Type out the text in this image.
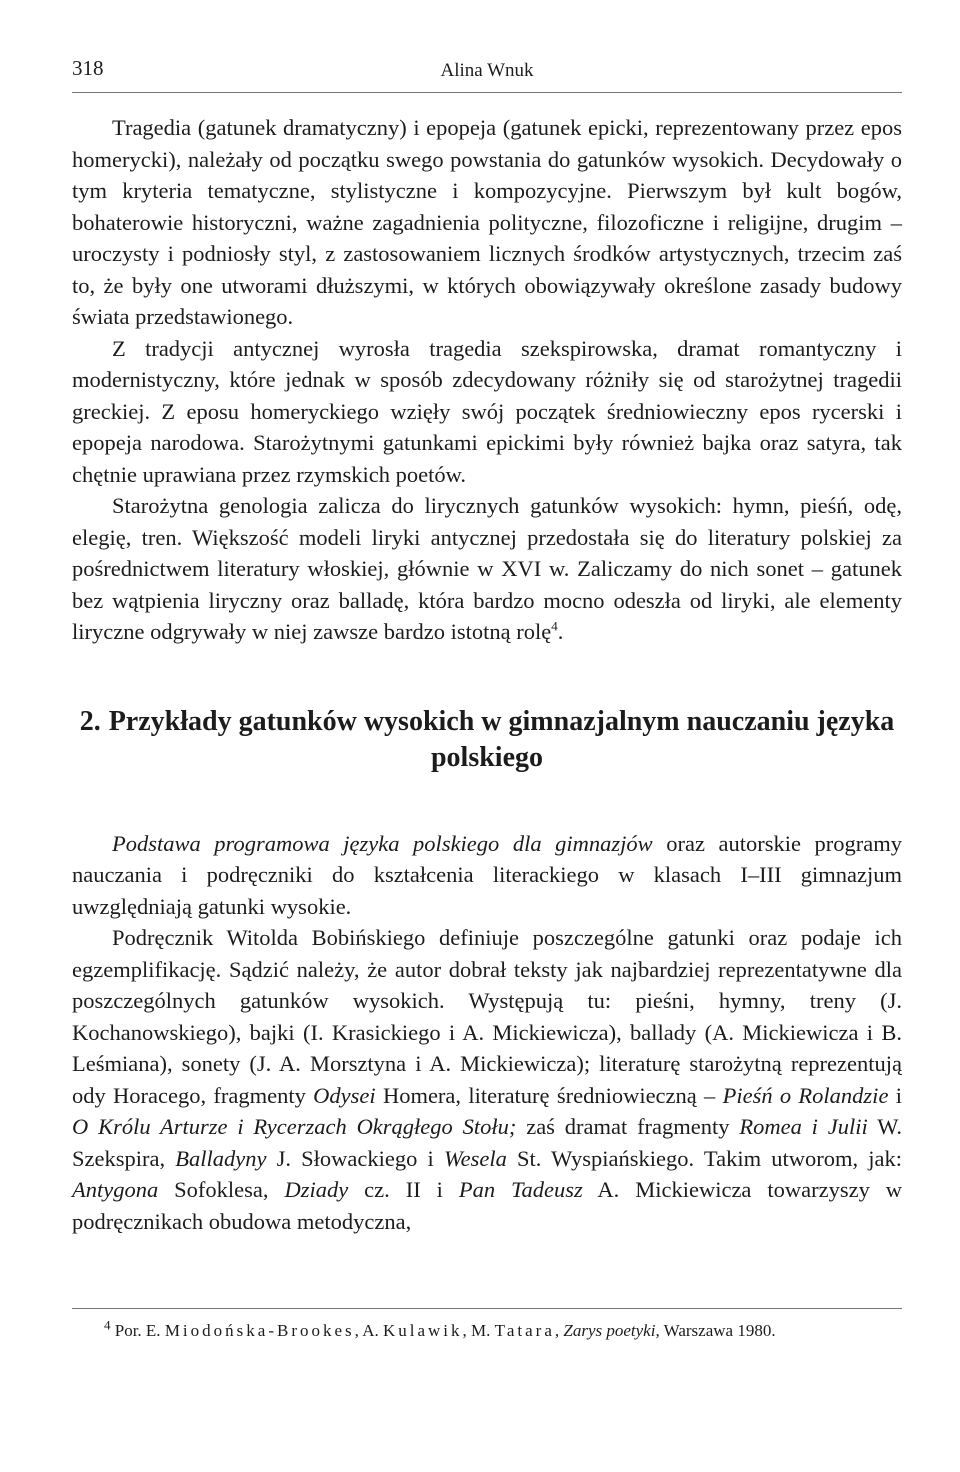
318	Alina Wnuk

Tragedia (gatunek dramatyczny) i epopeja (gatunek epicki, reprezentowany przez epos homerycki), należały od początku swego powstania do gatunków wysokich. Decydowały o tym kryteria tematyczne, stylistyczne i kompozycyjne. Pierwszym był kult bogów, bohaterowie historyczni, ważne zagadnienia polityczne, filozoficzne i religijne, drugim – uroczysty i podniosły styl, z zastosowaniem licznych środków artystycznych, trzecim zaś to, że były one utworami dłuższymi, w których obowiązywały określone zasady budowy świata przedstawionego.

Z tradycji antycznej wyrosła tragedia szekspirowska, dramat romantyczny i modernistyczny, które jednak w sposób zdecydowany różniły się od starożytnej tragedii greckiej. Z eposu homeryckiego wzięły swój początek średniowieczny epos rycerski i epopeja narodowa. Starożytnymi gatunkami epickimi były również bajka oraz satyra, tak chętnie uprawiana przez rzymskich poetów.

Starożytna genologia zalicza do lirycznych gatunków wysokich: hymn, pieśń, odę, elegię, tren. Większość modeli liryki antycznej przedostała się do literatury polskiej za pośrednictwem literatury włoskiej, głównie w XVI w. Zaliczamy do nich sonet – gatunek bez wątpienia liryczny oraz balladę, która bardzo mocno odeszła od liryki, ale elementy liryczne odgrywały w niej zawsze bardzo istotną rolę$^4$.

2. Przykłady gatunków wysokich w gimnazjalnym nauczaniu języka polskiego

Podstawa programowa języka polskiego dla gimnazjów oraz autorskie programy nauczania i podręczniki do kształcenia literackiego w klasach I–III gimnazjum uwzględniają gatunki wysokie.

Podręcznik Witolda Bobińskiego definiuje poszczególne gatunki oraz podaje ich egzemplifikację. Sądzić należy, że autor dobrał teksty jak najbardziej reprezentatywne dla poszczególnych gatunków wysokich. Występują tu: pieśni, hymny, treny (J. Kochanowskiego), bajki (I. Krasickiego i A. Mickiewicza), ballady (A. Mickiewicza i B. Leśmiana), sonety (J. A. Morsztyna i A. Mickiewicza); literaturę starożytną reprezentują ody Horacego, fragmenty Odysei Homera, literaturę średniowieczną – Pieśń o Rolandzie i O Królu Arturze i Rycerzach Okrągłego Stołu; zaś dramat fragmenty Romea i Julii W. Szekspira, Balladyny J. Słowackiego i Wesela St. Wyspiańskiego. Takim utworom, jak: Antygona Sofoklesa, Dziady cz. II i Pan Tadeusz A. Mickiewicza towarzyszy w podręcznikach obudowa metodyczna,

$^4$ Por. E. Miodońska-Brookes, A. Kulawik, M. Tatara, Zarys poetyki, Warszawa 1980.
